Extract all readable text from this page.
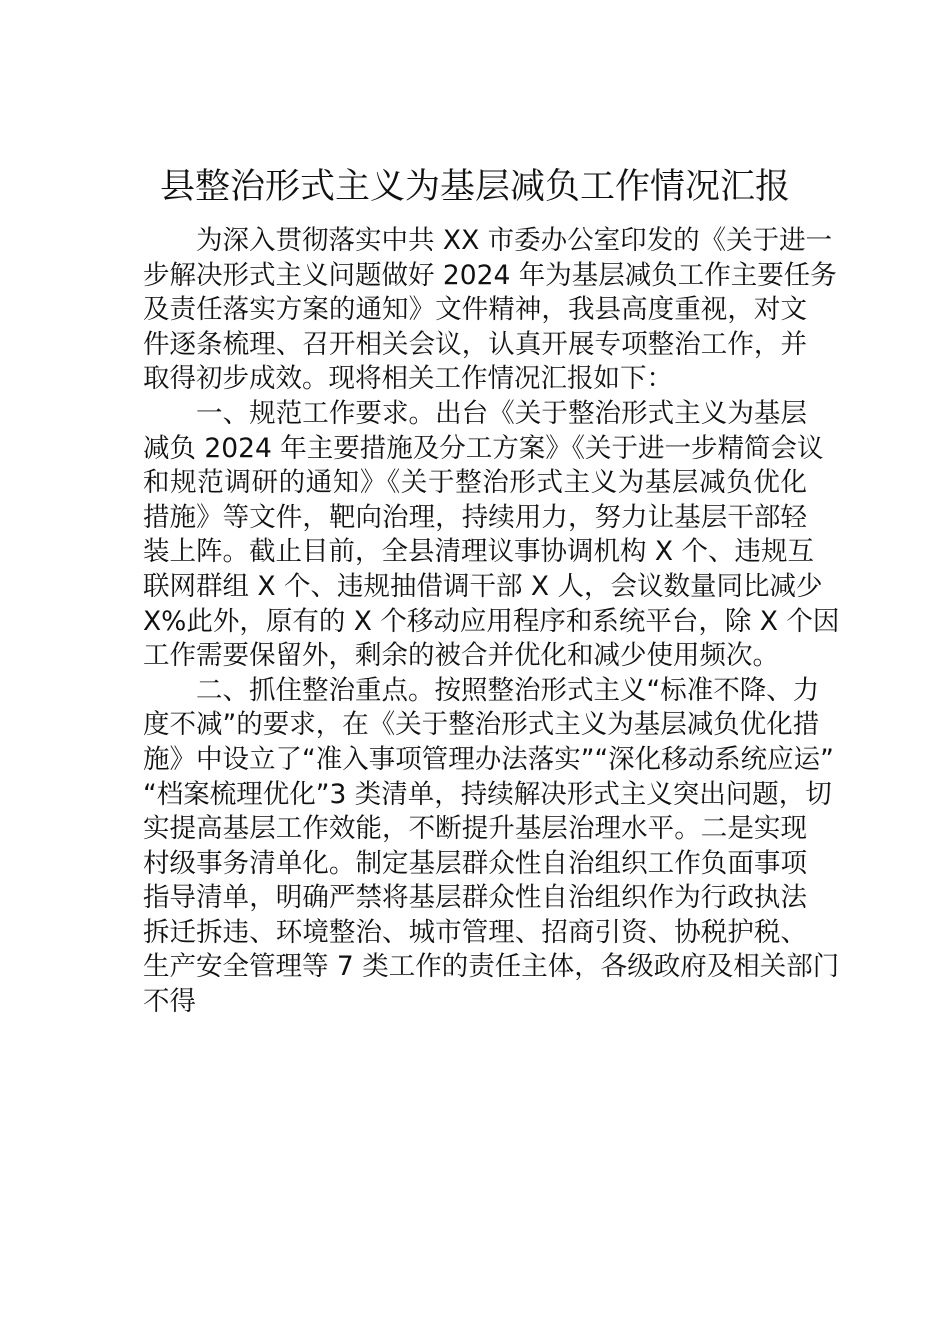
县整治形式主义为基层减负工作情况汇报
为深入贯彻落实中共 XX 市委办公室印发的《关于进一
步解决形式主义问题做好 2024 年为基层减负工作主要任务
及责任落实方案的通知》文件精神，我县高度重视，对文
件逐条梳理、召开相关会议，认真开展专项整治工作，并
取得初步成效。现将相关工作情况汇报如下：
一、规范工作要求。出台《关于整治形式主义为基层
减负 2024 年主要措施及分工方案》《关于进一步精简会议
和规范调研的通知》《关于整治形式主义为基层减负优化
措施》等文件，靶向治理，持续用力，努力让基层干部轻
装上阵。截止目前，全县清理议事协调机构 X 个、违规互
联网群组 X 个、违规抽借调干部 X 人，会议数量同比减少
X%此外，原有的 X 个移动应用程序和系统平台，除 X 个因
工作需要保留外，剩余的被合并优化和减少使用频次。
二、抓住整治重点。按照整治形式主义“标准不降、力
度不减”的要求，在《关于整治形式主义为基层减负优化措
施》中设立了“准入事项管理办法落实”“深化移动系统应运”
“档案梳理优化”3 类清单，持续解决形式主义突出问题，切
实提高基层工作效能，不断提升基层治理水平。二是实现
村级事务清单化。制定基层群众性自治组织工作负面事项
指导清单，明确严禁将基层群众性自治组织作为行政执法
拆迁拆违、环境整治、城市管理、招商引资、协税护税、
生产安全管理等 7 类工作的责任主体，各级政府及相关部门
不得
